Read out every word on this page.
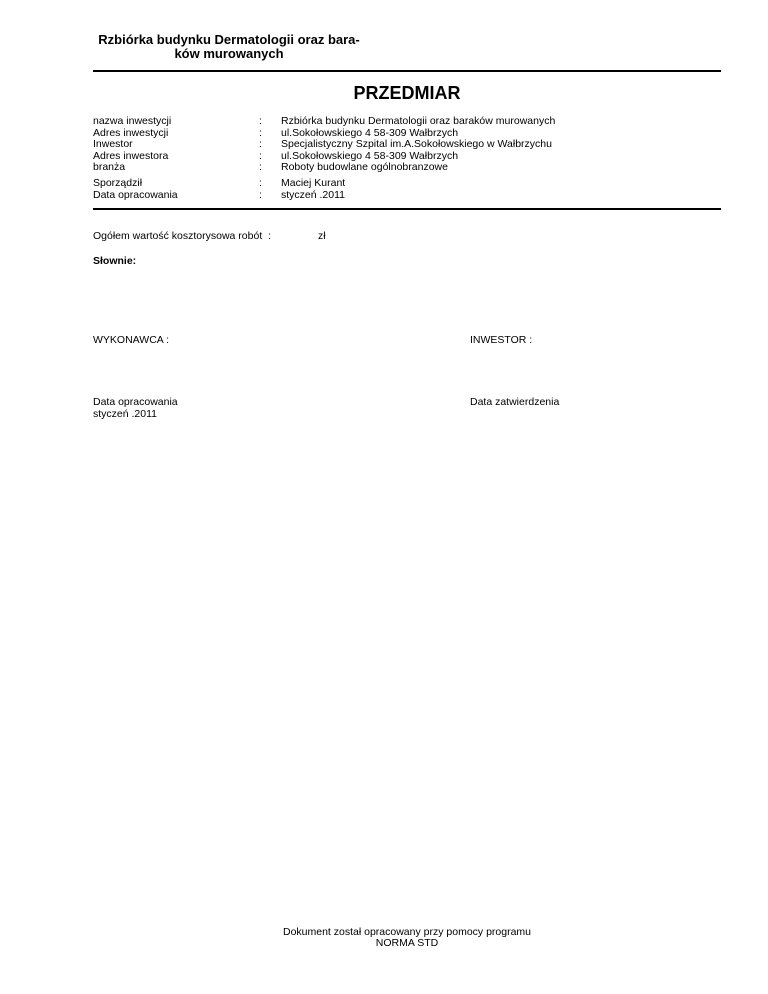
Rzbiórka budynku Dermatologii oraz bara-
ków murowanych
PRZEDMIAR
nazwa inwestycji
Adres inwestycji
Inwestor
Adres inwestora
branża
:
:
:
:
:
Rzbiórka budynku Dermatologii oraz baraków murowanych
ul.Sokołowskiego 4 58-309 Wałbrzych
Specjalistyczny Szpital im.A.Sokołowskiego w Wałbrzychu
ul.Sokołowskiego 4 58-309 Wałbrzych
Roboty budowlane ogólnobranzowe
Sporządził
Data opracowania
:
:
Maciej Kurant
styczeń .2011
Ogółem wartość kosztorysowa robót  :	zł
Słownie:
WYKONAWCA :	INWESTOR :
Data opracowania
styczeń .2011
Data zatwierdzenia
Dokument został opracowany przy pomocy programu
NORMA STD
